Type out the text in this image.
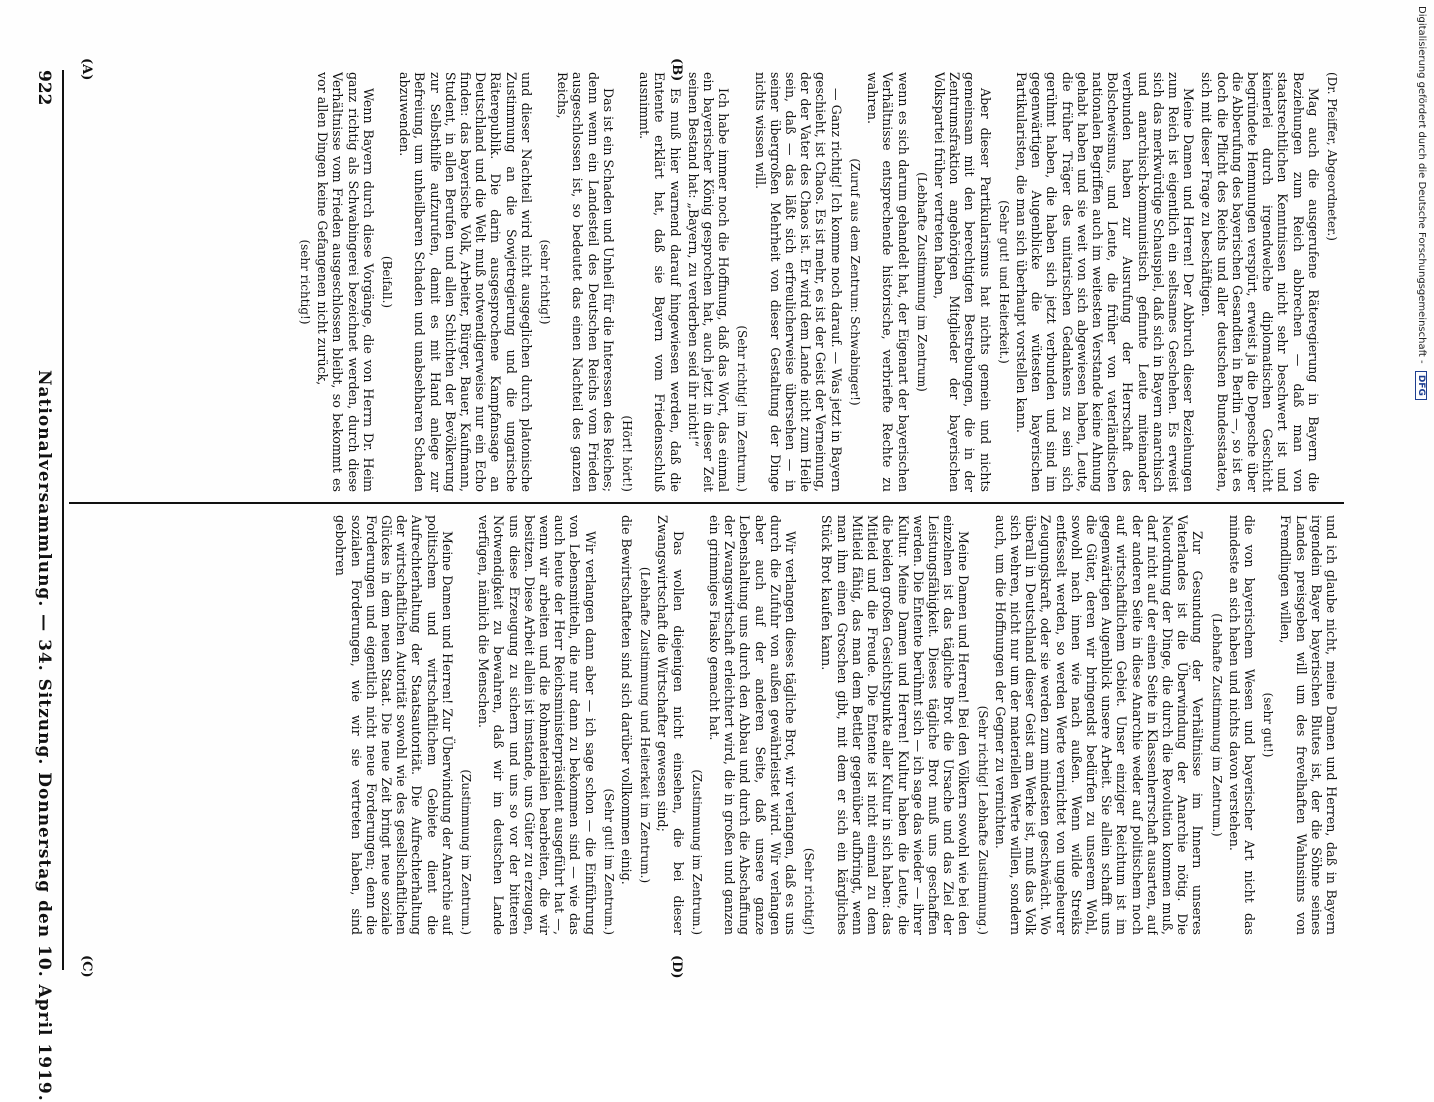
Digitalisierung gefördert durch die Deutsche Forschungsgemeinschaft - DFG
(A)	(B)
(C)	(D)

(Dr. Pfeiffer, Abgeordneter.)

Mag auch die ausgerufene Räteregierung in Bayern die Beziehungen zum Reich abbrechen — daß man von staatsrechtlichen Kenntnissen nicht sehr beschwert ist und keinerlei durch irgendwelche diplomatischen Geschicht begründete Hemmungen verspürt, erweist ja die Depesche über die Abberufung des bayerischen Gesandten in Berlin —, so ist es doch die Pflicht des Reichs und aller deutschen Bundesstaaten, sich mit dieser Frage zu beschäftigen.

Meine Damen und Herren! Der Abbruch dieser Beziehungen zum Reich ist eigentlich ein seltsames Geschehen. Es erweist sich das merkwürdige Schauspiel, daß sich in Bayern anarchisch und anarchisch-kommunistisch gefinnte Leute miteinander verbunden haben zur Ausrufung der Herrschaft des Bolschewismus, und Leute, die früher von vaterländischen nationalen Begriffen auch im weitesten Verstande keine Ahnung gehabt haben und sie weit von sich abgewiesen haben, Leute, die früher Träger des unitarischen Gedankens zu sein sich gerühmt haben, die haben sich jetzt verbunden und sind im gegenwärtigen Augenblicke die wütesten bayerischen Partikularisten, die man sich überhaupt vorstellen kann.

(Sehr gut! und Heiterkeit.)

Aber dieser Partikularismus hat nichts gemein und nichts gemeinsam mit den berechtigten Bestrebungen, die in der Zentrumsfraktion angehörigen Mitglieder der bayerischen Volkspartei früher vertreten haben,

(Lebhafte Zustimmung im Zentrum)

wenn es sich darum gehandelt hat, der Eigenart der bayerischen Verhältnisse entsprechende historische, verbriefte Rechte zu wahren.

(Zuruf aus dem Zentrum: Schwabinger!)

— Ganz richtig! Ich komme noch darauf. — Was jetzt in Bayern geschieht, ist Chaos. Es ist mehr, es ist der Geist der Verneinung, der der Vater des Chaos ist. Er wird dem Lande nicht zum Heile sein, daß — das läßt sich erfreulicherweise übersehen — in seiner übergroßen Mehrheit von dieser Gestaltung der Dinge nichts wissen will.

(Sehr richtig! im Zentrum.)

Ich habe immer noch die Hoffnung, daß das Wort, das einmal ein bayerischer König gesprochen hat, auch jetzt in dieser Zeit seinen Bestand hat: „Bayern, zu verderben seid ihr nicht!“

Es muß hier warnend darauf hingewiesen werden, daß die Entente erklärt hat, daß sie Bayern vom Friedensschluß ausnimmt.

(Hört! hört!)

Das ist ein Schaden und Unheil für die Interessen des Reiches; denn wenn ein Landesteil des Deutschen Reichs vom Frieden ausgeschlossen ist, so bedeutet das einen Nachteil des ganzen Reichs,

(sehr richtig!)

und dieser Nachteil wird nicht ausgeglichen durch platonische Zustimmung an die Sowjetregierung und die ungarische Räterepublik. Die darin ausgesprochene Kampfansage an Deutschland und die Welt muß notwendigerweise nur ein Echo finden: das bayerische Volk, Arbeiter, Bürger, Bauer, Kaufmann, Student, in allen Berufen und allen Schichten der Bevölkerung zur Selbsthilfe aufzurufen, damit es mit Hand anlege zur Befreiung, um unheilbaren Schaden und unabsehbaren Schaden abzuwenden.

(Beifall.)

Wenn Bayern durch diese Vorgänge, die von Herrn Dr. Heim ganz richtig als Schwabingerei bezeichnet werden, durch diese Verhältnisse vom Frieden ausgeschlossen bleibt, so bekommt es vor allen Dingen keine Gefangenen nicht zurück,

(sehr richtig!)

und ich glaube nicht, meine Damen und Herren, daß in Bayern irgendein Bayer bayerischen Blutes ist, der die Söhne seines Landes preisgeben will um des frevelhaften Wahnsinns von Fremdlingen willen,

(sehr gut!)

die von bayerischem Wesen und bayerischer Art nicht das mindeste an sich haben und nichts davon verstehen.

(Lebhafte Zustimmung im Zentrum.)

Zur Gesundung der Verhältnisse im Innern unseres Vaterlandes ist die Überwindung der Anarchie nötig. Die Neuordnung der Dinge, die durch die Revolution kommen muß, darf nicht auf der einen Seite in Klassenherrschaft ausarten, auf der anderen Seite in diese Anarchie weder auf politischem noch auf wirtschaftlichem Gebiet. Unser einziger Reichtum ist im gegenwärtigen Augenblick unsere Arbeit. Sie allein schafft uns die Güter, deren wir bringendst bedürfen zu unserem Wohl, sowohl nach innen wie nach außen. Wenn wilde Streiks entfesselt werden, so werden Werte vernichtet von ungeheurer Zeugungskraft, oder sie werden zum mindesten geschwächt. Wo überall in Deutschland dieser Geist am Werke ist, muß das Volk sich wehren, nicht nur um der materiellen Werte willen, sondern auch, um die Hoffnungen der Gegner zu vernichten.

(Sehr richtig! Lebhafte Zustimmung.)

Meine Damen und Herren! Bei den Völkern sowohl wie bei den einzelnen ist das tägliche Brot die Ursache und das Ziel der Leistungsfähigkeit. Dieses tägliche Brot muß uns geschaffen werden. Die Entente berühmt sich — ich sage das wieder — ihrer Kultur. Meine Damen und Herren! Kultur haben die Leute, die die beiden großen Gesichtspunkte aller Kultur in sich haben: das Mitleid und die Freude. Die Entente ist nicht einmal zu dem Mitleid fähig, das man dem Bettler gegenüber aufbringt, wenn man ihm einen Groschen gibt, mit dem er sich ein kärgliches Stück Brot kaufen kann.

(Sehr richtig!)

Wir verlangen dieses tägliche Brot, wir verlangen, daß es uns durch die Zufuhr von außen gewährleistet wird. Wir verlangen aber auch auf der anderen Seite, daß unsere ganze Lebenshaltung uns durch den Abbau und durch die Abschaffung der Zwangswirtschaft erleichtert wird, die in großen und ganzen ein grimmiges Fiasko gemacht hat.

(Zustimmung im Zentrum.)

Das wollen diejenigen nicht einsehen, die bei dieser Zwangswirtschaft die Wirtschafter gewesen sind;

(Lebhafte Zustimmung und Heiterkeit im Zentrum.)

die Bewirtschafteten sind sich darüber vollkommen einig.

(Sehr gut! im Zentrum.)

Wir verlangen dann aber — ich sage schon — die Einführung von Lebensmitteln, die nur dann zu bekommen sind — wie das auch heute der Herr Reichsministerpräsident ausgeführt hat —, wenn wir arbeiten und die Rohmaterialien bearbeiten, die wir besitzen. Diese Arbeit allein ist imstande, uns Güter zu erzeugen, uns diese Erzeugung zu sichern und uns so vor der bitteren Notwendigkeit zu bewahren, daß wir im deutschen Lande verfügen, nämlich die Menschen.

(Zustimmung im Zentrum.)

Meine Damen und Herren! Zur Überwindung der Anarchie auf politischem und wirtschaftlichem Gebiete dient die Aufrechterhaltung der Staatsautorität. Die Aufrechterhaltung der wirtschaftlichen Autorität sowohl wie des gesellschaftlichen Glückes in dem neuen Staat. Die neue Zeit bringt neue soziale Forderungen und eigentlich nicht neue Forderungen; denn die sozialen Forderungen, wie wir sie vertreten haben, sind gebohren

922
Nationalversammlung. — 34. Sitzung. Donnerstag den 10. April 1919.
